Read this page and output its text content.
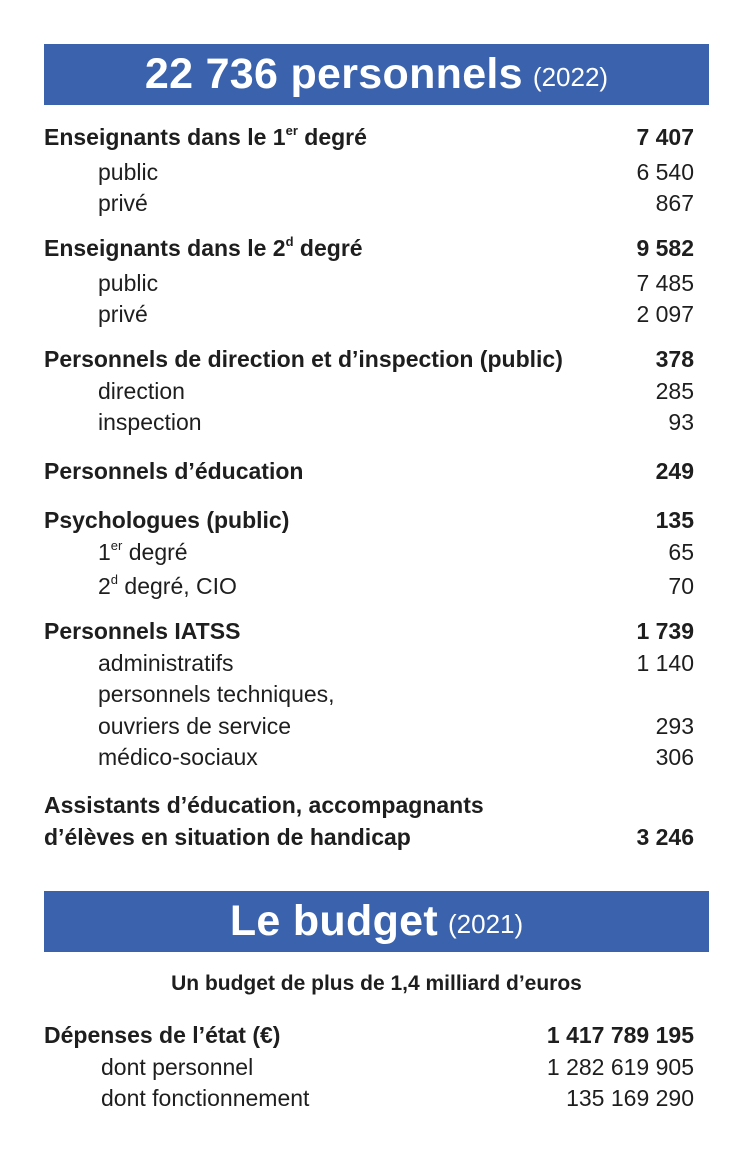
22 736 personnels (2022)
Enseignants dans le 1er degré	7 407
public	6 540
privé	867
Enseignants dans le 2$^d$ degré	9 582
public	7 485
privé	2 097
Personnels de direction et d’inspection (public)	378
direction	285
inspection	93
Personnels d’éducation	249
Psychologues (public)	135
1er degré	65
2$^d$ degré, CIO	70
Personnels IATSS	1 739
administratifs	1 140
personnels techniques,
ouvriers de service	293
médico-sociaux	306
Assistants d’éducation, accompagnants
d’élèves en situation de handicap	3 246
Le budget (2021)
Un budget de plus de 1,4 milliard d’euros
Dépenses de l’état (€)	1 417 789 195
dont personnel	1 282 619 905
dont fonctionnement	135 169 290
